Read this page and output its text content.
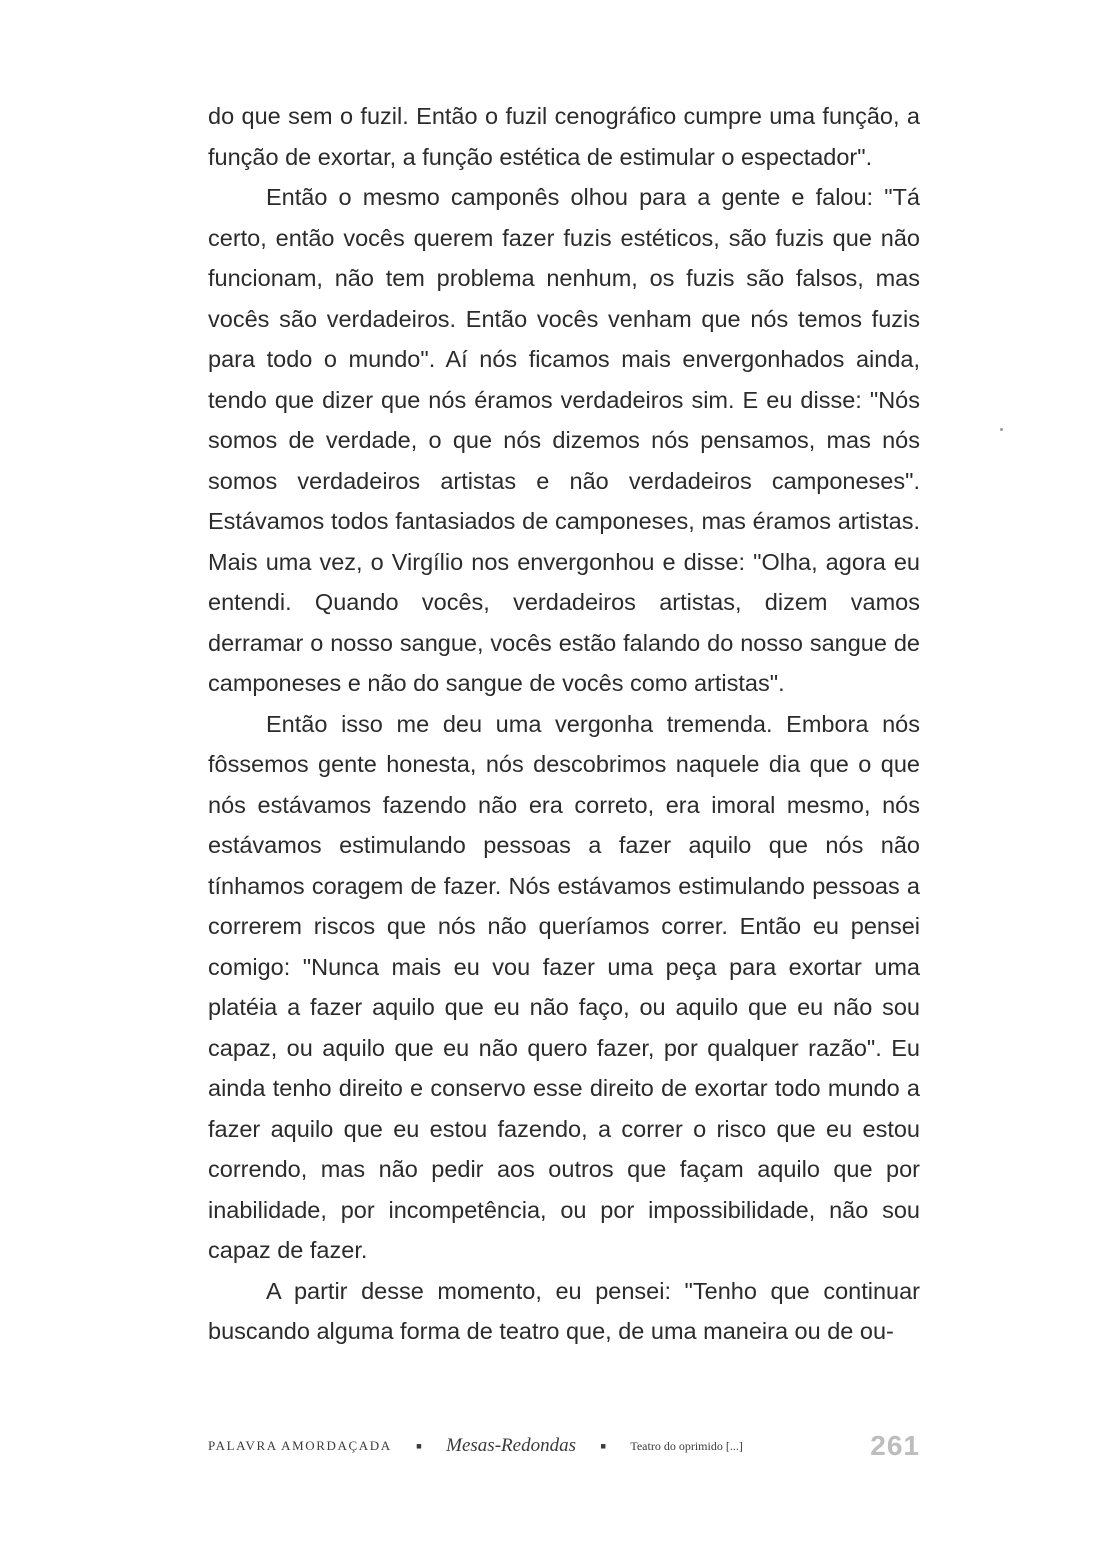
do que sem o fuzil. Então o fuzil cenográfico cumpre uma função, a função de exortar, a função estética de estimular o espectador".

Então o mesmo camponês olhou para a gente e falou: "Tá certo, então vocês querem fazer fuzis estéticos, são fuzis que não funcionam, não tem problema nenhum, os fuzis são falsos, mas vocês são verdadeiros. Então vocês venham que nós temos fuzis para todo o mundo". Aí nós ficamos mais envergonhados ainda, tendo que dizer que nós éramos verdadeiros sim. E eu disse: "Nós somos de verdade, o que nós dizemos nós pensamos, mas nós somos verdadeiros artistas e não verdadeiros camponeses". Estávamos todos fantasiados de camponeses, mas éramos artistas. Mais uma vez, o Virgílio nos envergonhou e disse: "Olha, agora eu entendi. Quando vocês, verdadeiros artistas, dizem vamos derramar o nosso sangue, vocês estão falando do nosso sangue de camponeses e não do sangue de vocês como artistas".

Então isso me deu uma vergonha tremenda. Embora nós fôssemos gente honesta, nós descobrimos naquele dia que o que nós estávamos fazendo não era correto, era imoral mesmo, nós estávamos estimulando pessoas a fazer aquilo que nós não tínhamos coragem de fazer. Nós estávamos estimulando pessoas a correrem riscos que nós não queríamos correr. Então eu pensei comigo: "Nunca mais eu vou fazer uma peça para exortar uma platéia a fazer aquilo que eu não faço, ou aquilo que eu não sou capaz, ou aquilo que eu não quero fazer, por qualquer razão". Eu ainda tenho direito e conservo esse direito de exortar todo mundo a fazer aquilo que eu estou fazendo, a correr o risco que eu estou correndo, mas não pedir aos outros que façam aquilo que por inabilidade, por incompetência, ou por impossibilidade, não sou capaz de fazer.

A partir desse momento, eu pensei: "Tenho que continuar buscando alguma forma de teatro que, de uma maneira ou de ou-

PALAVRA AMORDAÇADA ▪ Mesas-Redondas ▪ Teatro do oprimido [...]	261
